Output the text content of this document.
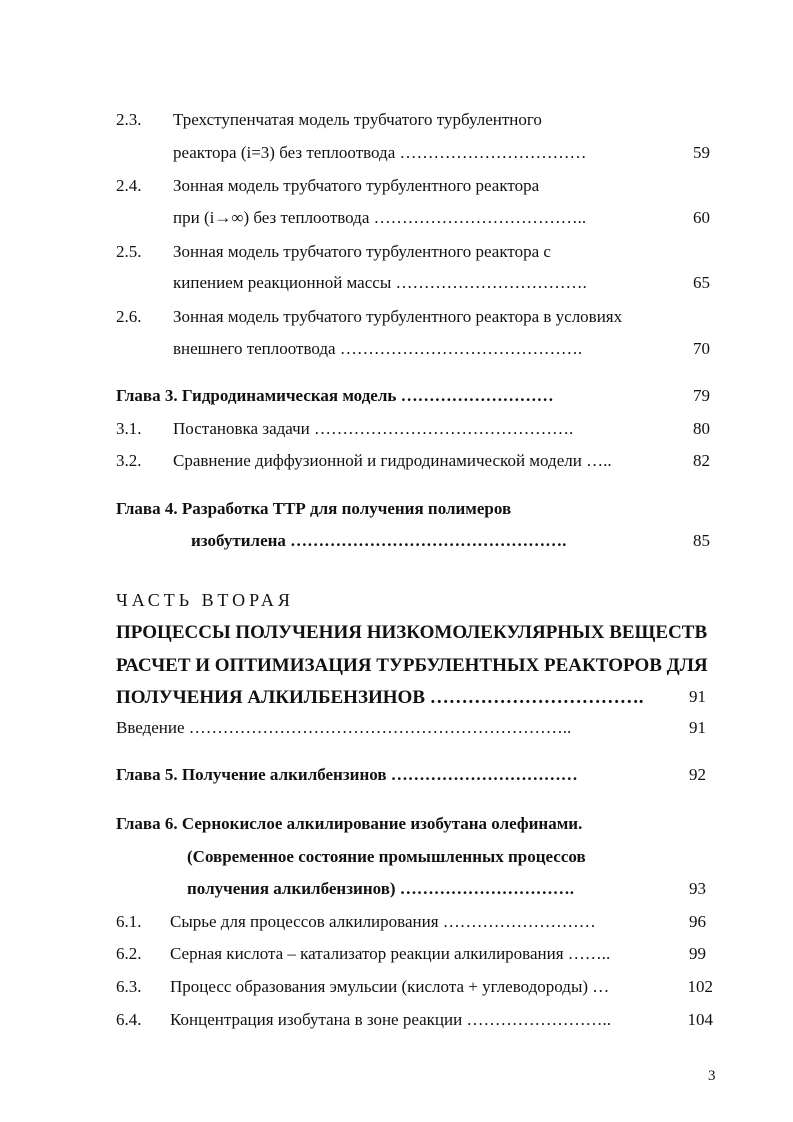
2.3. Трехступенчатая модель трубчатого турбулентного
реактора (i=3) без теплоотвода ……………………………	59
2.4. Зонная модель трубчатого турбулентного реактора
при (i→∞) без теплоотвода ………………………………..	60
2.5. Зонная модель трубчатого турбулентного реактора с
кипением реакционной массы …………………………….	65
2.6. Зонная модель трубчатого турбулентного реактора в условиях
внешнего теплоотвода …………………………………….	70
Глава 3. Гидродинамическая модель ………………………	79
3.1. Постановка задачи ……………………………………….	80
3.2. Сравнение диффузионной и гидродинамической модели …..	82
Глава 4. Разработка ТТР для получения полимеров
изобутилена ………………………………………….	85
ЧАСТЬ ВТОРАЯ
ПРОЦЕССЫ ПОЛУЧЕНИЯ НИЗКОМОЛЕКУЛЯРНЫХ ВЕЩЕСТВ
РАСЧЕТ И ОПТИМИЗАЦИЯ ТУРБУЛЕНТНЫХ РЕАКТОРОВ ДЛЯ
ПОЛУЧЕНИЯ АЛКИЛБЕНЗИНОВ …………………………….	91
Введение …………………………………………………………..	91
Глава 5. Получение алкилбензинов ……………………………	92
Глава 6. Сернокислое алкилирование изобутана олефинами.
(Современное состояние промышленных процессов
получения алкилбензинов) ………………………….	93
6.1. Сырье для процессов алкилирования ………………………	96
6.2. Серная кислота – катализатор реакции алкилирования ……..	99
6.3. Процесс образования эмульсии (кислота + углеводороды) …	102
6.4. Концентрация изобутана в зоне реакции ……………………..	104
3
